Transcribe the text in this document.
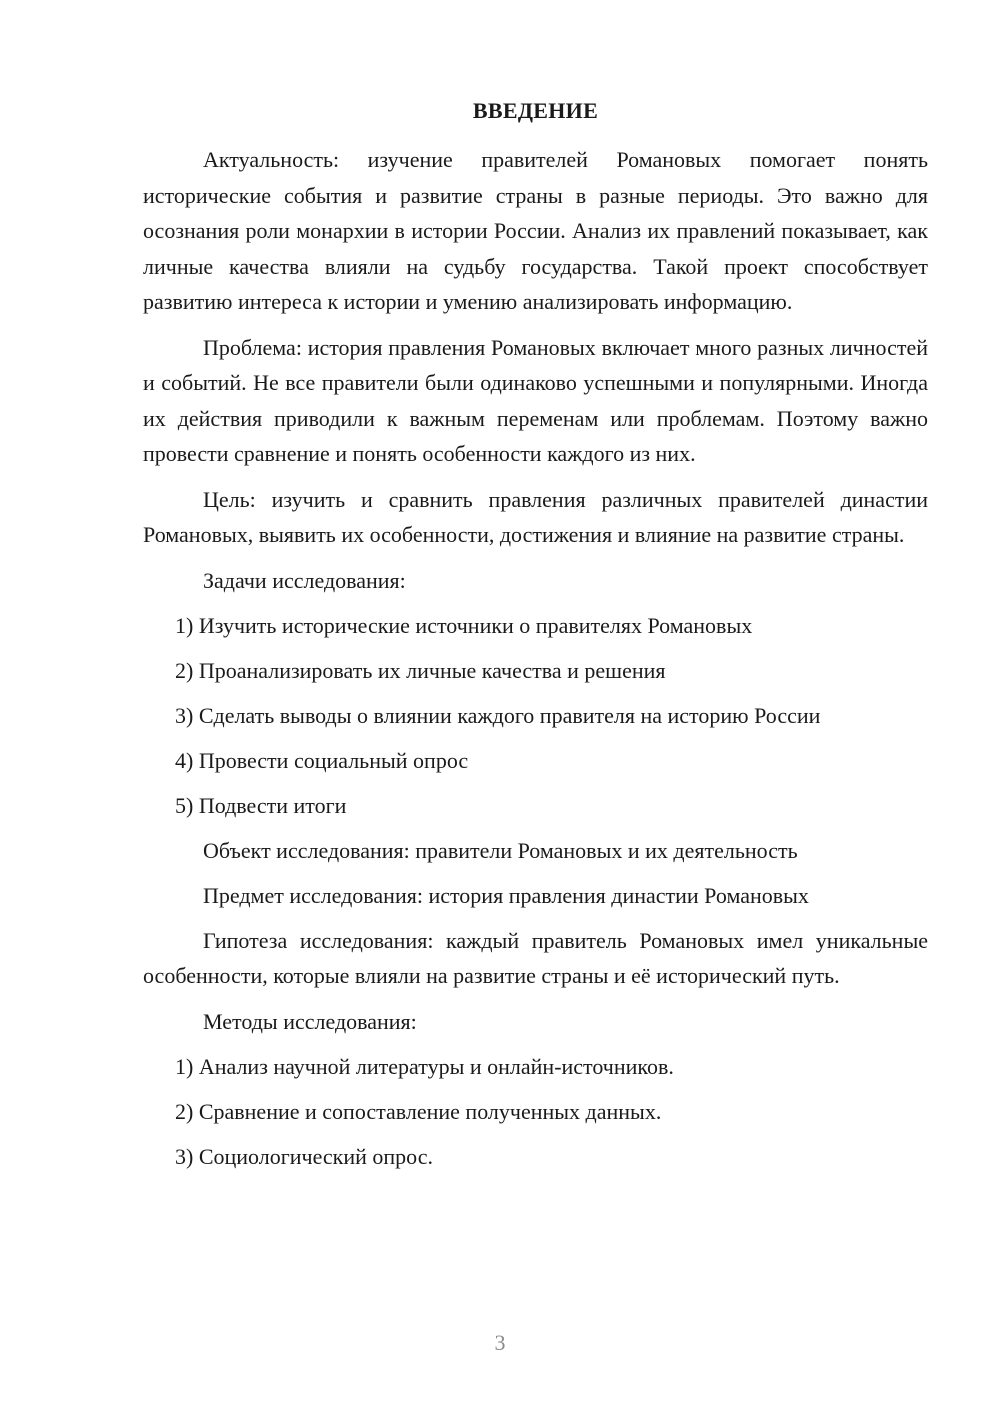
ВВЕДЕНИЕ

Актуальность: изучение правителей Романовых помогает понять исторические события и развитие страны в разные периоды. Это важно для осознания роли монархии в истории России. Анализ их правлений показывает, как личные качества влияли на судьбу государства. Такой проект способствует развитию интереса к истории и умению анализировать информацию.

Проблема: история правления Романовых включает много разных личностей и событий. Не все правители были одинаково успешными и популярными. Иногда их действия приводили к важным переменам или проблемам. Поэтому важно провести сравнение и понять особенности каждого из них.

Цель: изучить и сравнить правления различных правителей династии Романовых, выявить их особенности, достижения и влияние на развитие страны.

Задачи исследования:
1) Изучить исторические источники о правителях Романовых
2) Проанализировать их личные качества и решения
3) Сделать выводы о влиянии каждого правителя на историю России
4) Провести социальный опрос
5) Подвести итоги
Объект исследования: правители Романовых и их деятельность
Предмет исследования: история правления династии Романовых

Гипотеза исследования: каждый правитель Романовых имел уникальные особенности, которые влияли на развитие страны и её исторический путь.

Методы исследования:
1) Анализ научной литературы и онлайн-источников.
2) Сравнение и сопоставление полученных данных.
3) Социологический опрос.
3
